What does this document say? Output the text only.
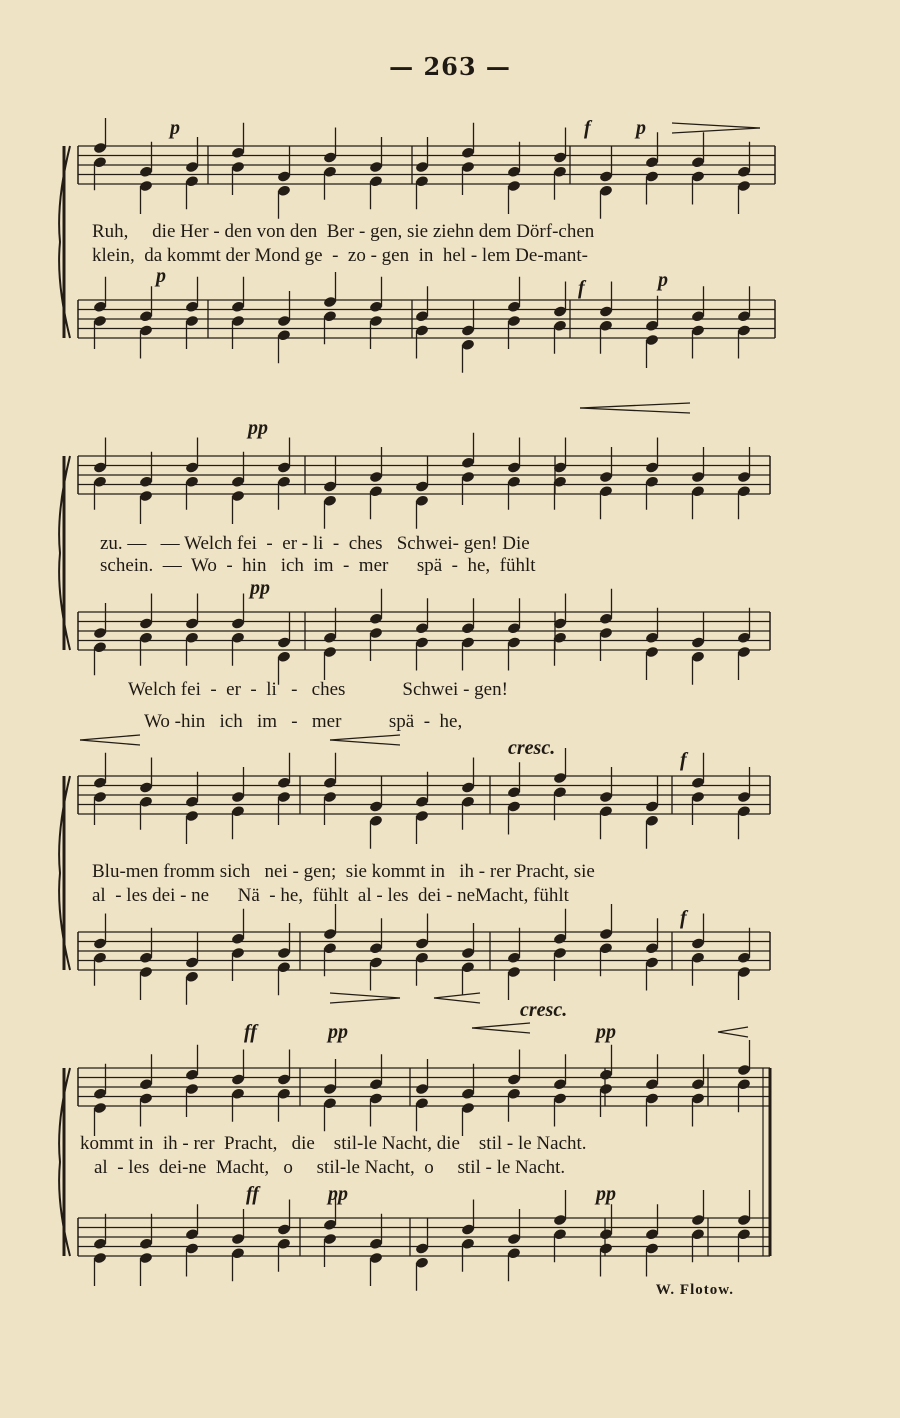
— 263 —
p	f p
p
f	p
Ruh,     die Her - den von den  Ber - gen, sie ziehn dem Dörf-chen
klein,  da kommt der Mond ge  -  zo - gen  in  hel - lem De-mant-
pp
pp
zu. —   — Welch fei  -  er - li  -  ches   Schwei- gen! Die
schein.  —  Wo  -  hin   ich  im  -  mer      spä  -  he,  fühlt
Welch fei  -  er  -  li   -   ches            Schwei - gen!
Wo -hin   ich   im   -   mer          spä  -  he,
cresc.
f
f
cresc.
Blu-men fromm sich   nei - gen;  sie kommt in   ih - rer Pracht, sie
al  - les dei - ne      Nä  - he,  fühlt  al - les  dei - neMacht, fühlt
ff	pp	pp
ff	pp	pp
kommt in  ih - rer  Pracht,   die    stil-le Nacht, die    stil - le Nacht.
al  - les  dei-ne  Macht,   o     stil-le Nacht,  o     stil - le Nacht.
W. Flotow.
